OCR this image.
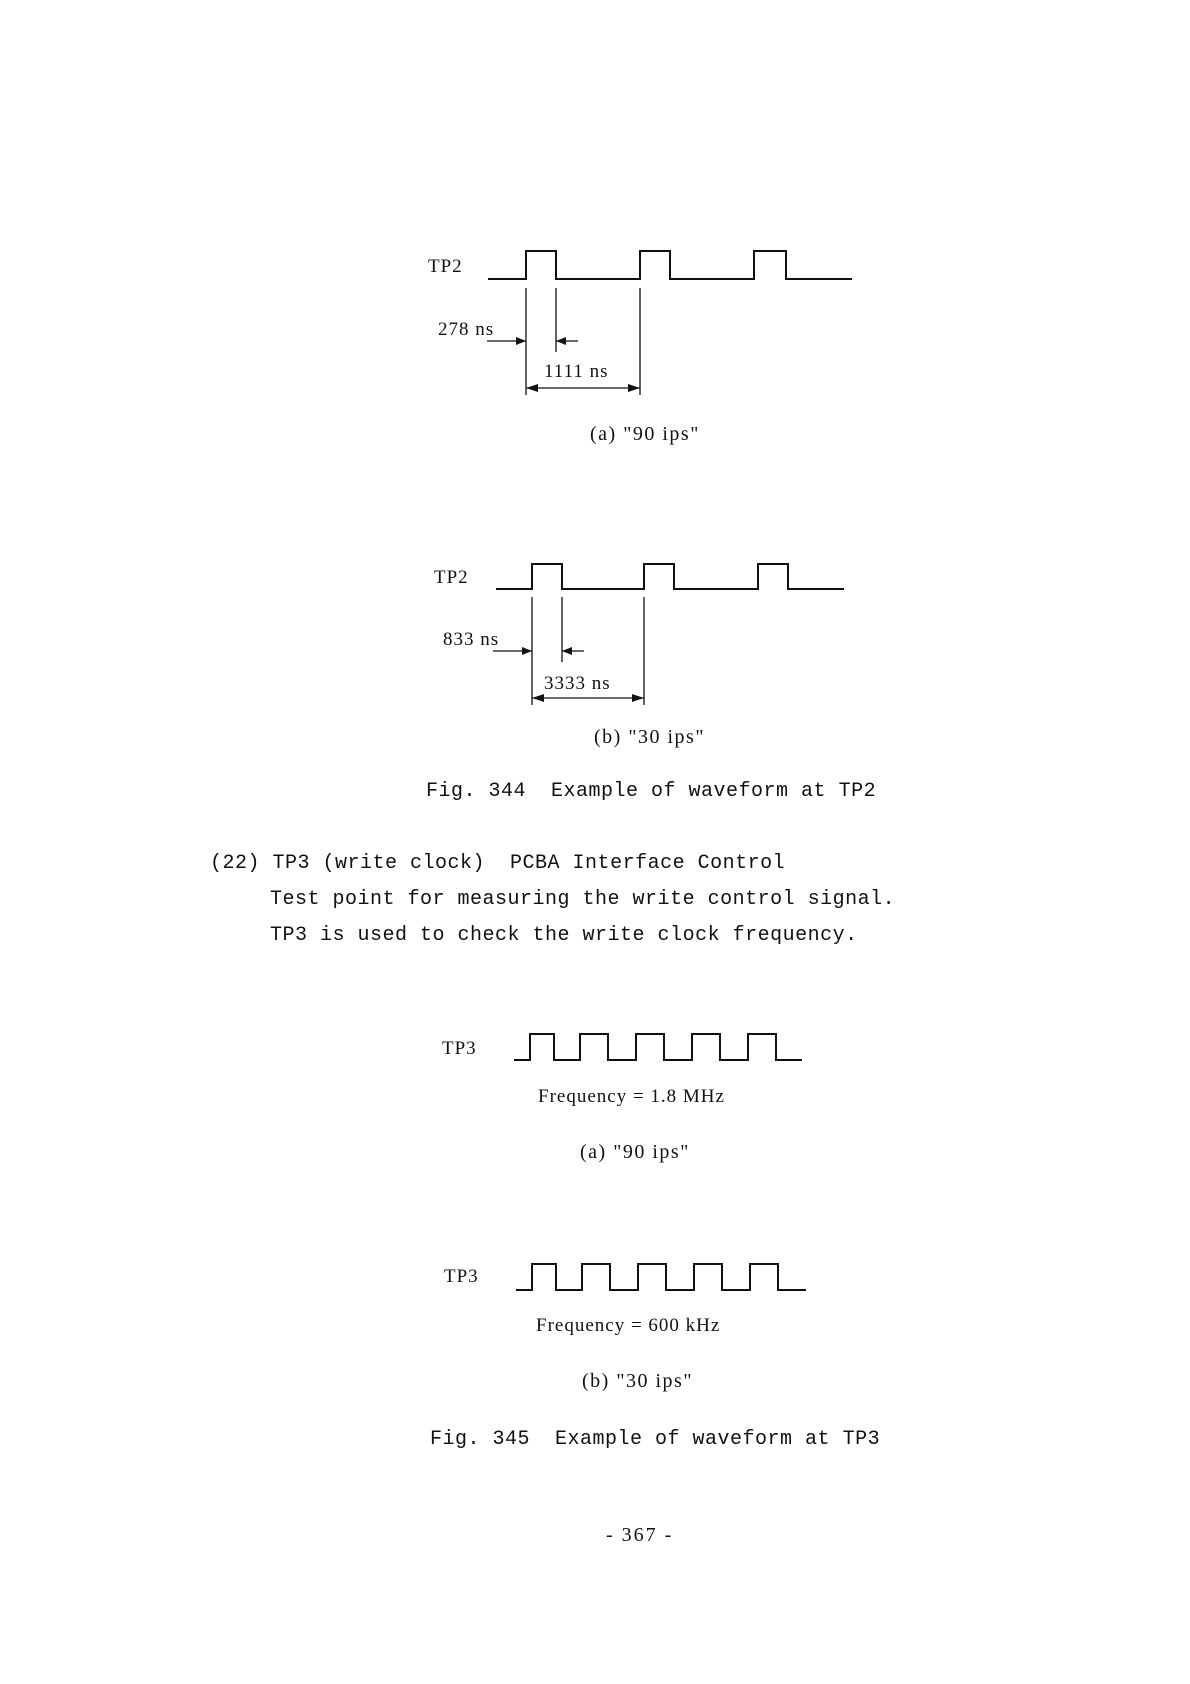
TP2
278 ns
1111 ns
(a) "90 ips"
TP2
833 ns
3333 ns
(b) "30 ips"
TP3
Frequency = 1.8 MHz
(a) "90 ips"
TP3
Frequency = 600 kHz
(b) "30 ips"
Fig. 344  Example of waveform at TP2
(22) TP3 (write clock)  PCBA Interface Control
Test point for measuring the write control signal.
TP3 is used to check the write clock frequency.
Fig. 345  Example of waveform at TP3
- 367 -
